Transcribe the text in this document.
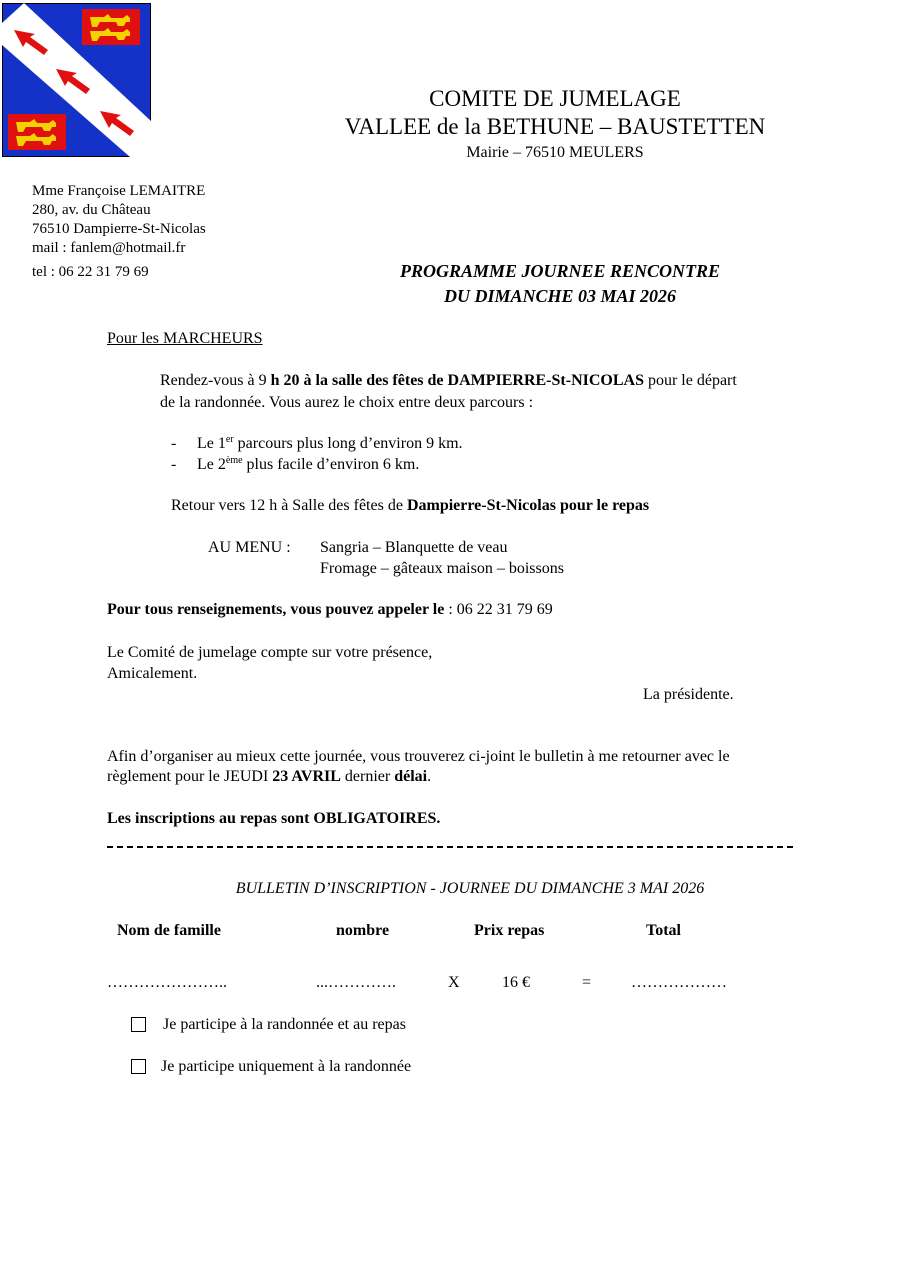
COMITE DE JUMELAGE
VALLEE de la BETHUNE – BAUSTETTEN
Mairie – 76510 MEULERS
Mme Françoise LEMAITRE
280, av. du Château
76510 Dampierre-St-Nicolas
mail : fanlem@hotmail.fr
tel : 06 22 31 79 69	PROGRAMME JOURNEE RENCONTRE
DU DIMANCHE 03 MAI 2026
Pour les MARCHEURS
Rendez-vous à 9 h 20 à la salle des fêtes de DAMPIERRE-St-NICOLAS pour le départ
de la randonnée. Vous aurez le choix entre deux parcours :
- Le 1er parcours plus long d’environ 9 km.
- Le 2ème plus facile d’environ 6 km.
Retour vers 12 h à Salle des fêtes de Dampierre-St-Nicolas pour le repas
AU MENU : Sangria – Blanquette de veau
Fromage – gâteaux maison – boissons
Pour tous renseignements, vous pouvez appeler le : 06 22 31 79 69
Le Comité de jumelage compte sur votre présence,
Amicalement.
La présidente.
Afin d’organiser au mieux cette journée, vous trouverez ci-joint le bulletin à me retourner avec le
règlement pour le JEUDI 23 AVRIL dernier délai.
Les inscriptions au repas sont OBLIGATOIRES.
BULLETIN D’INSCRIPTION - JOURNEE DU DIMANCHE 3 MAI 2026
Nom de famille	nombre	Prix repas	Total
…………………..	...………….	X	16 €	= ………………
Je participe à la randonnée et au repas
Je participe uniquement à la randonnée
